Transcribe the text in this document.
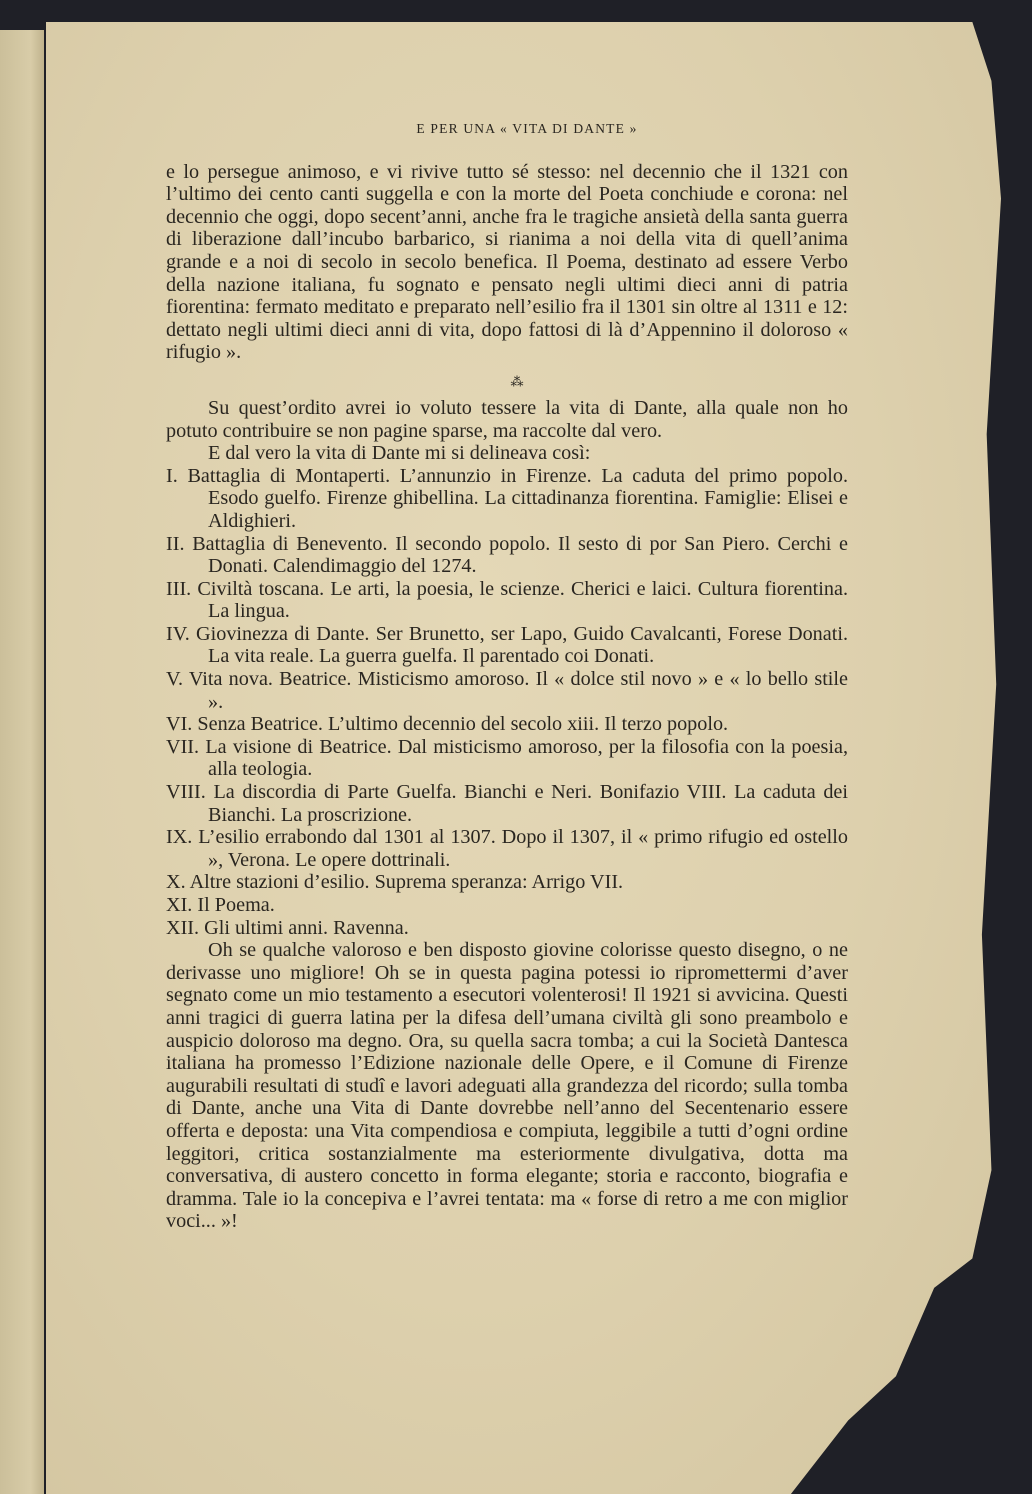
E PER UNA « VITA DI DANTE »

e lo persegue animoso, e vi rivive tutto sé stesso: nel decennio che il 1321 con l’ultimo dei cento canti suggella e con la morte del Poeta conchiude e corona: nel decennio che oggi, dopo secent’anni, anche fra le tragiche ansietà della santa guerra di liberazione dall’incubo barbarico, si rianima a noi della vita di quell’anima grande e a noi di secolo in secolo benefica. Il Poema, destinato ad essere Verbo della nazione italiana, fu sognato e pensato negli ultimi dieci anni di patria fiorentina: fermato meditato e preparato nell’esilio fra il 1301 sin oltre al 1311 e 12: dettato negli ultimi dieci anni di vita, dopo fattosi di là d’Appennino il doloroso « rifugio ».

⁂

Su quest’ordito avrei io voluto tessere la vita di Dante, alla quale non ho potuto contribuire se non pagine sparse, ma raccolte dal vero.

E dal vero la vita di Dante mi si delineava così:

I. Battaglia di Montaperti. L’annunzio in Firenze. La caduta del primo popolo. Esodo guelfo. Firenze ghibellina. La cittadinanza fiorentina. Famiglie: Elisei e Aldighieri.
II. Battaglia di Benevento. Il secondo popolo. Il sesto di por San Piero. Cerchi e Donati. Calendimaggio del 1274.
III. Civiltà toscana. Le arti, la poesia, le scienze. Cherici e laici. Cultura fiorentina. La lingua.
IV. Giovinezza di Dante. Ser Brunetto, ser Lapo, Guido Cavalcanti, Forese Donati. La vita reale. La guerra guelfa. Il parentado coi Donati.
V. Vita nova. Beatrice. Misticismo amoroso. Il « dolce stil novo » e « lo bello stile ».
VI. Senza Beatrice. L’ultimo decennio del secolo xiii. Il terzo popolo.
VII. La visione di Beatrice. Dal misticismo amoroso, per la filosofia con la poesia, alla teologia.
VIII. La discordia di Parte Guelfa. Bianchi e Neri. Bonifazio VIII. La caduta dei Bianchi. La proscrizione.
IX. L’esilio errabondo dal 1301 al 1307. Dopo il 1307, il « primo rifugio ed ostello », Verona. Le opere dottrinali.
X. Altre stazioni d’esilio. Suprema speranza: Arrigo VII.
XI. Il Poema.
XII. Gli ultimi anni. Ravenna.

Oh se qualche valoroso e ben disposto giovine colorisse questo disegno, o ne derivasse uno migliore! Oh se in questa pagina potessi io ripromettermi d’aver segnato come un mio testamento a esecutori volenterosi! Il 1921 si avvicina. Questi anni tragici di guerra latina per la difesa dell’umana civiltà gli sono preambolo e auspicio doloroso ma degno. Ora, su quella sacra tomba; a cui la Società Dantesca italiana ha promesso l’Edizione nazionale delle Opere, e il Comune di Firenze augurabili resultati di studî e lavori adeguati alla grandezza del ricordo; sulla tomba di Dante, anche una Vita di Dante dovrebbe nell’anno del Secentenario essere offerta e deposta: una Vita compendiosa e compiuta, leggibile a tutti d’ogni ordine leggitori, critica sostanzialmente ma esteriormente divulgativa, dotta ma conversativa, di austero concetto in forma elegante; storia e racconto, biografia e dramma. Tale io la concepiva e l’avrei tentata: ma « forse di retro a me con miglior voci... »!
